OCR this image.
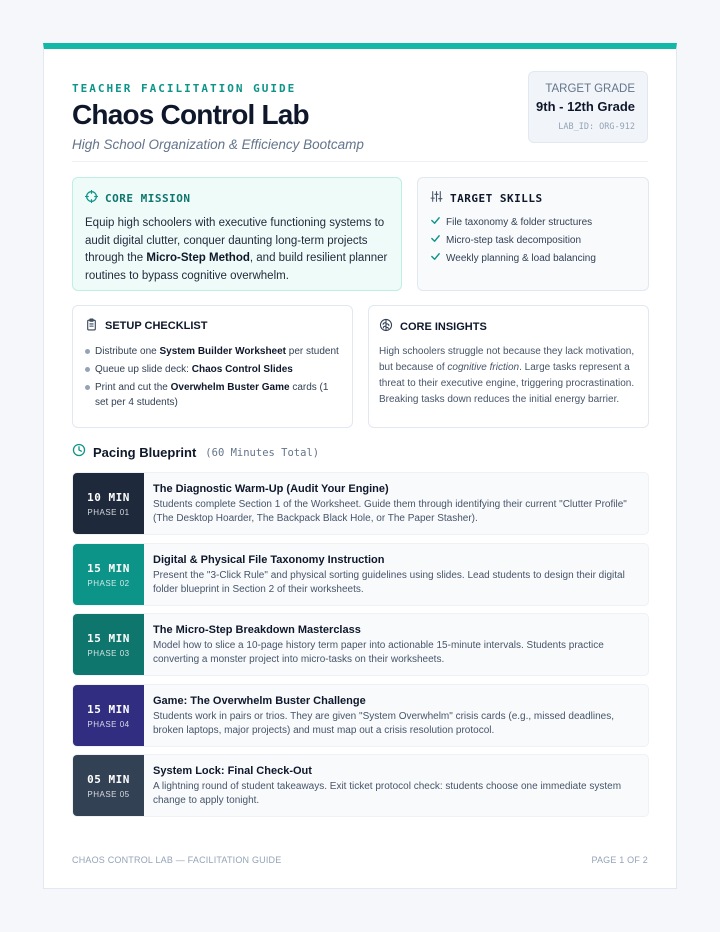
TEACHER FACILITATION GUIDE
Chaos Control Lab
High School Organization & Efficiency Bootcamp
TARGET GRADE
9th - 12th Grade
LAB_ID: ORG-912
CORE MISSION

Equip high schoolers with executive functioning systems to audit digital clutter, conquer daunting long-term projects through the Micro-Step Method, and build resilient planner routines to bypass cognitive overwhelm.

TARGET SKILLS
File taxonomy & folder structures
Micro-step task decomposition
Weekly planning & load balancing
SETUP CHECKLIST
Distribute one System Builder Worksheet per student
Queue up slide deck: Chaos Control Slides
Print and cut the Overwhelm Buster Game cards (1 set per 4 students)
CORE INSIGHTS

High schoolers struggle not because they lack motivation, but because of cognitive friction. Large tasks represent a threat to their executive engine, triggering procrastination. Breaking tasks down reduces the initial energy barrier.

Pacing Blueprint (60 Minutes Total)
10 MIN
PHASE 01
The Diagnostic Warm-Up (Audit Your Engine)
Students complete Section 1 of the Worksheet. Guide them through identifying their current "Clutter Profile" (The Desktop Hoarder, The Backpack Black Hole, or The Paper Stasher).
15 MIN
PHASE 02
Digital & Physical File Taxonomy Instruction
Present the "3-Click Rule" and physical sorting guidelines using slides. Lead students to design their digital folder blueprint in Section 2 of their worksheets.
15 MIN
PHASE 03
The Micro-Step Breakdown Masterclass
Model how to slice a 10-page history term paper into actionable 15-minute intervals. Students practice converting a monster project into micro-tasks on their worksheets.
15 MIN
PHASE 04
Game: The Overwhelm Buster Challenge
Students work in pairs or trios. They are given "System Overwhelm" crisis cards (e.g., missed deadlines, broken laptops, major projects) and must map out a crisis resolution protocol.
05 MIN
PHASE 05
System Lock: Final Check-Out
A lightning round of student takeaways. Exit ticket protocol check: students choose one immediate system change to apply tonight.
CHAOS CONTROL LAB — FACILITATION GUIDE	PAGE 1 OF 2
